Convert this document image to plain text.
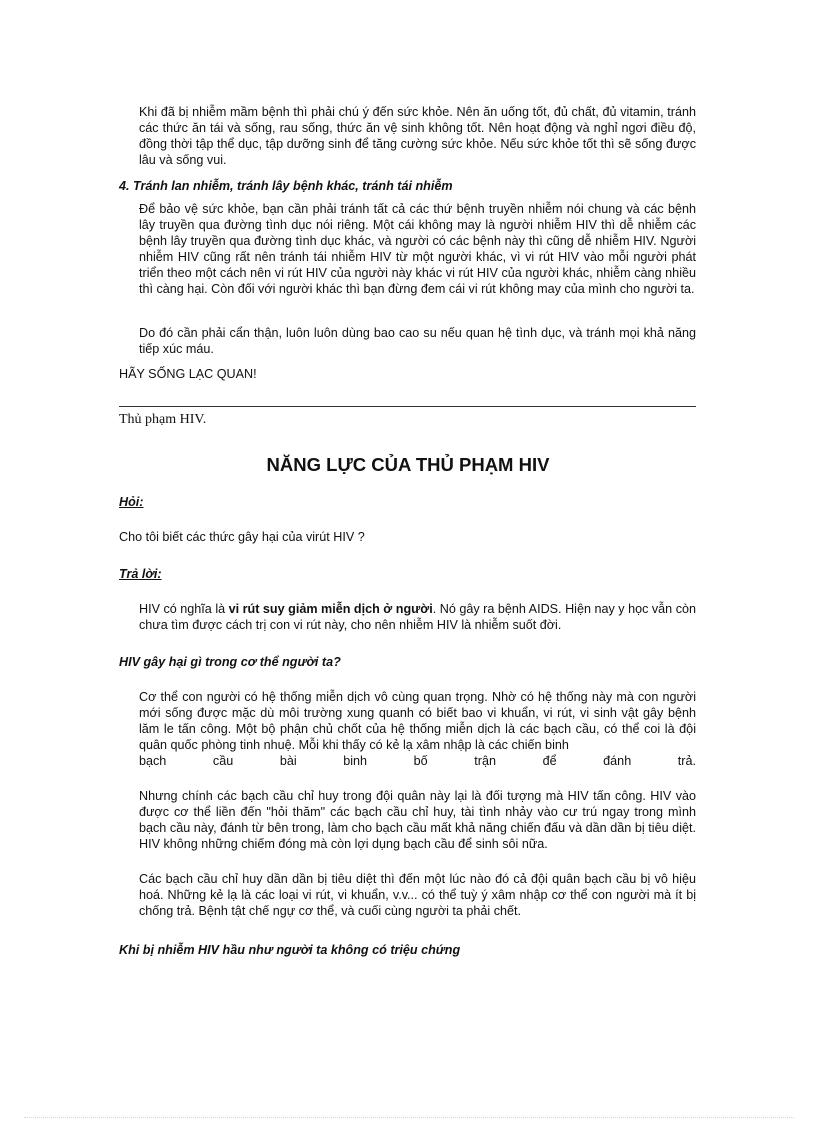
Khi đã bị nhiễm mầm bệnh thì phải chú ý đến sức khỏe. Nên ăn uống tốt, đủ chất, đủ vitamin, tránh các thức ăn tái và sống, rau sống, thức ăn vệ sinh không tốt. Nên hoạt động và nghỉ ngơi điều độ, đồng thời tập thể dục, tập dưỡng sinh để tăng cường sức khỏe. Nếu sức khỏe tốt thì sẽ sống được lâu và sống vui.

4. Tránh lan nhiễm, tránh lây bệnh khác, tránh tái nhiễm

Để bảo vệ sức khỏe, bạn cần phải tránh tất cả các thứ bệnh truyền nhiễm nói chung và các bệnh lây truyền qua đường tình dục nói riêng. Một cái không may là người nhiễm HIV thì dễ nhiễm các bệnh lây truyền qua đường tình dục khác, và người có các bệnh này thì cũng dễ nhiễm HIV. Người nhiễm HIV cũng rất nên tránh tái nhiễm HIV từ một người khác, vì vi rút HIV vào mỗi người phát triển theo một cách nên vi rút HIV của người này khác vi rút HIV của người khác, nhiễm càng nhiều thì càng hại. Còn đối với người khác thì bạn đừng đem cái vi rút không may của mình cho người ta.

Do đó cần phải cẩn thận, luôn luôn dùng bao cao su nếu quan hệ tình dục, và tránh mọi khả năng tiếp xúc máu.

HÃY SỐNG LẠC QUAN!

Thủ phạm HIV.

NĂNG LỰC CỦA THỦ PHẠM HIV

Hỏi:

Cho tôi biết các thức gây hại của virút HIV ?

Trả lời:

HIV có nghĩa là vi rút suy giảm miễn dịch ở người. Nó gây ra bệnh AIDS. Hiện nay y học vẫn còn chưa tìm được cách trị con vi rút này, cho nên nhiễm HIV là nhiễm suốt đời.

HIV gây hại gì trong cơ thể người ta?

Cơ thể con người có hệ thống miễn dịch vô cùng quan trọng. Nhờ có hệ thống này mà con người mới sống được mặc dù môi trường xung quanh có biết bao vi khuẩn, vi rút, vi sinh vật gây bệnh lăm le tấn công. Một bộ phận chủ chốt của hệ thống miễn dịch là các bạch cầu, có thể coi là đội quân quốc phòng tinh nhuệ. Mỗi khi thấy có kẻ lạ xâm nhập là các chiến binh

bạch cầu bài binh bố trận để đánh trả.

Nhưng chính các bạch cầu chỉ huy trong đội quân này lại là đối tượng mà HIV tấn công. HIV vào được cơ thể liền đến "hỏi thăm" các bạch cầu chỉ huy, tài tình nhảy vào cư trú ngay trong mình bạch cầu này, đánh từ bên trong, làm cho bạch cầu mất khả năng chiến đấu và dần dần bị tiêu diệt. HIV không những chiếm đóng mà còn lợi dụng bạch cầu để sinh sôi nữa.

Các bạch cầu chỉ huy dần dần bị tiêu diệt thì đến một lúc nào đó cả đội quân bạch cầu bị vô hiệu hoá. Những kẻ lạ là các loại vi rút, vi khuẩn, v.v... có thể tuỳ ý xâm nhập cơ thể con người mà ít bị chống trả. Bệnh tật chế ngự cơ thể, và cuối cùng người ta phải chết.

Khi bị nhiễm HIV hầu như người ta không có triệu chứng
